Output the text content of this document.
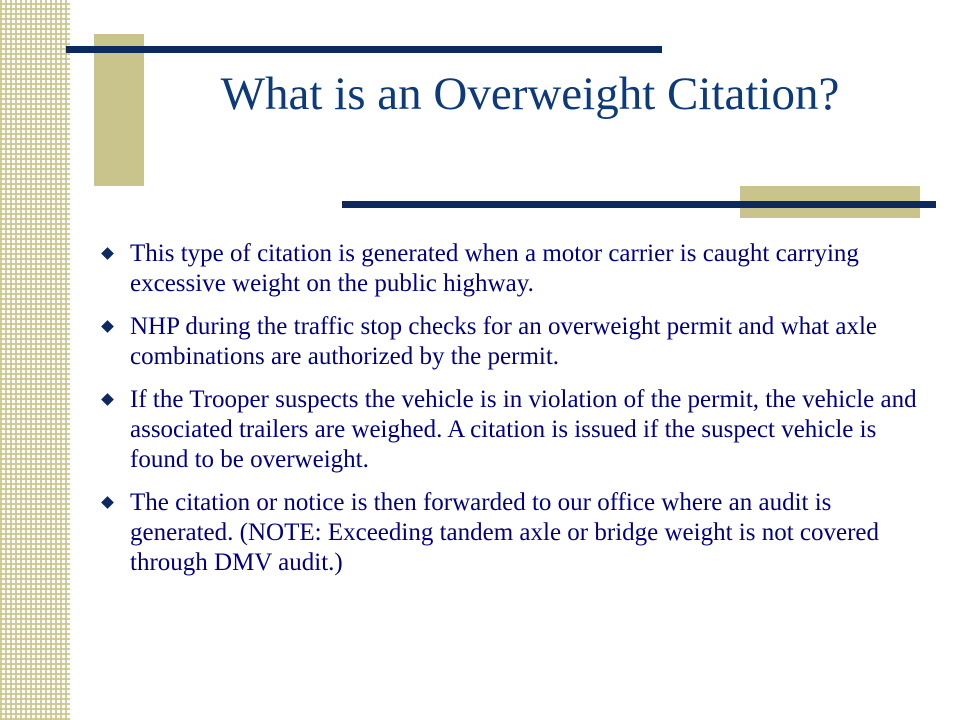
What is an Overweight Citation?
This type of citation is generated when a motor carrier is caught carrying excessive weight on the public highway.
NHP during the traffic stop checks for an overweight permit and what axle combinations are authorized by the permit.
If the Trooper suspects the vehicle is in violation of the permit, the vehicle and associated trailers are weighed. A citation is issued if the suspect vehicle is found to be overweight.
The citation or notice is then forwarded to our office where an audit is generated. (NOTE: Exceeding tandem axle or bridge weight is not covered through DMV audit.)
